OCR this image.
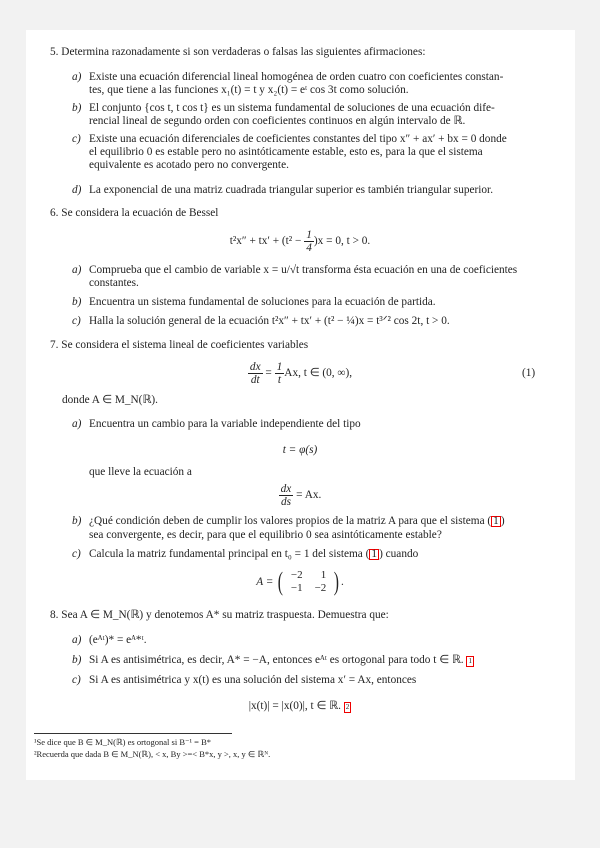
5. Determina razonadamente si son verdaderas o falsas las siguientes afirmaciones:
a) Existe una ecuación diferencial lineal homogénea de orden cuatro con coeficientes constan-
tes, que tiene a las funciones x₁(t) = t y x₂(t) = eᵗ cos 3t como solución.
b) El conjunto {cos t, t cos t} es un sistema fundamental de soluciones de una ecuación dife-
rencial lineal de segundo orden con coeficientes continuos en algún intervalo de ℝ.
c) Existe una ecuación diferenciales de coeficientes constantes del tipo x″ + ax′ + bx = 0 donde
el equilibrio 0 es estable pero no asintóticamente estable, esto es, para la que el sistema
equivalente es acotado pero no convergente.
d) La exponencial de una matriz cuadrada triangular superior es también triangular superior.
6. Se considera la ecuación de Bessel
$t^2x'' + tx' + (t^2 - \frac{1}{4} )x = 0$, t > 0.
a) Comprueba que el cambio de variable x = u/√t transforma ésta ecuación en una de coeficientes
constantes.
b) Encuentra un sistema fundamental de soluciones para la ecuación de partida.
c) Halla la solución general de la ecuación t²x″ + tx′ + (t² − ¼)x = t³ᐟ² cos 2t, t > 0.
7. Se considera el sistema lineal de coeficientes variables
$\frac{dx}{dt} = \frac{1}{t} Ax$, t ∈ (0, ∞),	(1)
donde A ∈ M_N(ℝ).
a) Encuentra un cambio para la variable independiente del tipo
t = φ(s)
que lleve la ecuación a
$\frac{dx}{ds} = Ax$.
b) ¿Qué condición deben de cumplir los valores propios de la matriz A para que el sistema ( 1 )
sea convergente, es decir, para que el equilibrio 0 sea asintóticamente estable?
c) Calcula la matriz fundamental principal en t₀ = 1 del sistema ( 1 ) cuando
A = ( −2	1
−1	−2 ) .
8. Sea A ∈ M_N(ℝ) y denotemos A* su matriz traspuesta. Demuestra que:
a) (eᴬᵗ)* = eᴬ*ᵗ.
b) Si A es antisimétrica, es decir, A* = −A, entonces eᴬᵗ es ortogonal para todo t ∈ ℝ. 1
c) Si A es antisimétrica y x(t) es una solución del sistema x′ = Ax, entonces
|x(t)| = |x(0)|, t ∈ ℝ. 2
¹Se dice que B ∈ M_N(ℝ) es ortogonal si B⁻¹ = B*
²Recuerda que dada B ∈ M_N(ℝ), < x, By >=< B*x, y >, x, y ∈ ℝᴺ.
